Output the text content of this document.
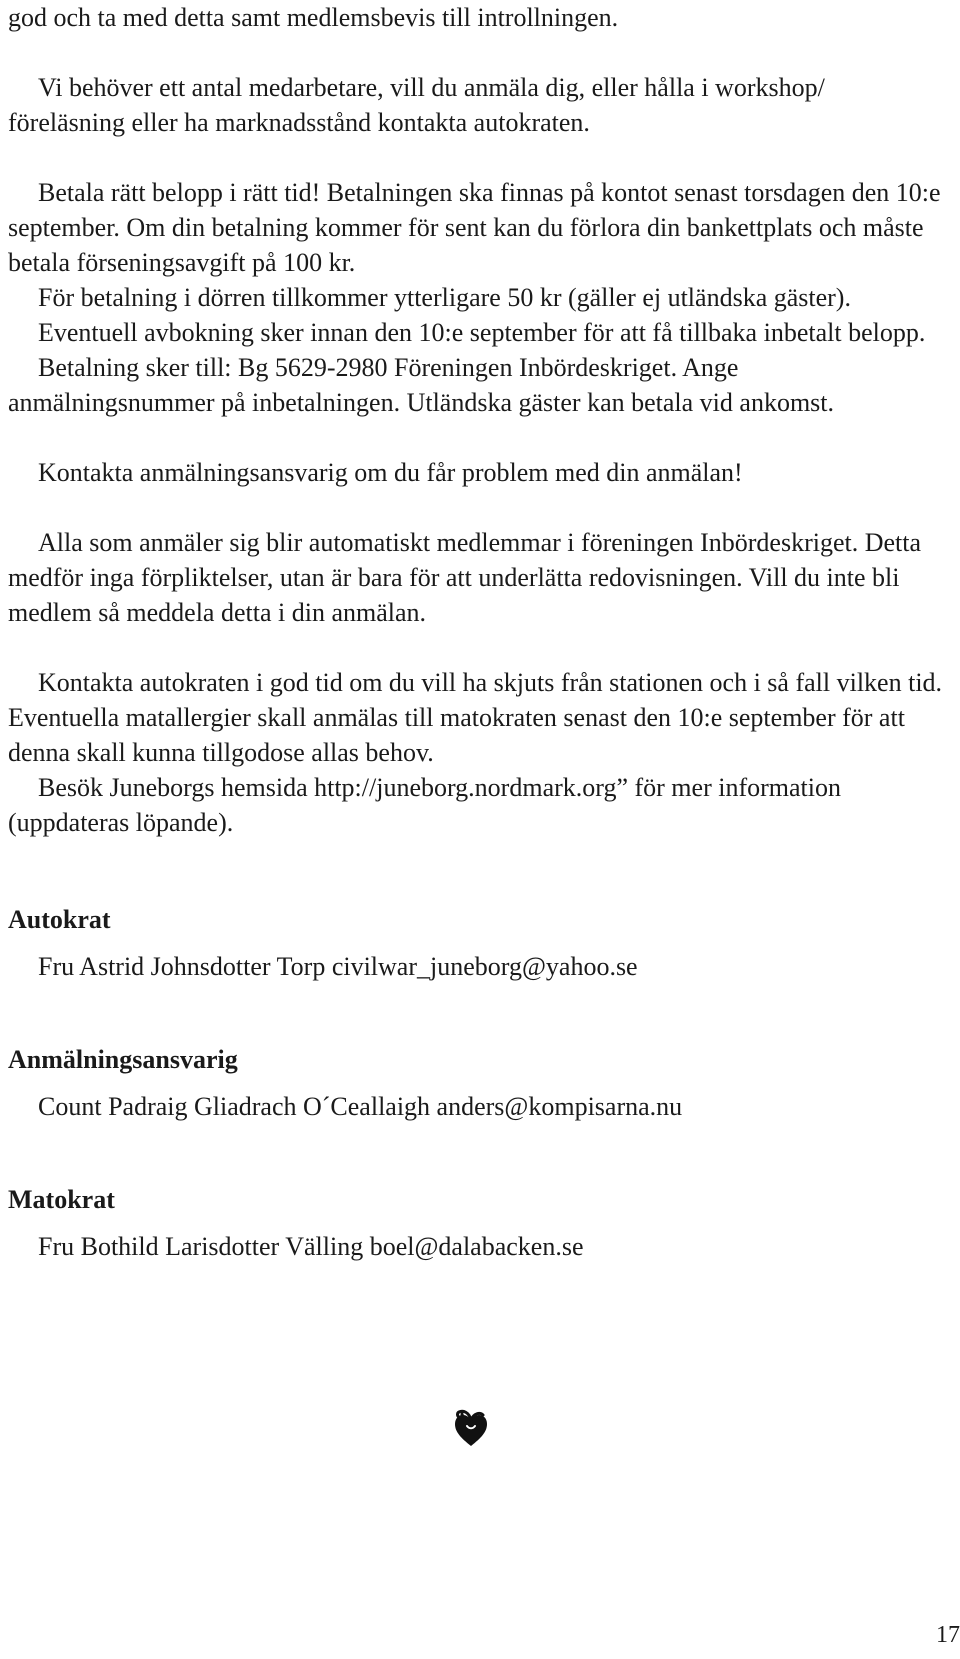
god och ta med detta samt medlemsbevis till introllningen.

Vi behöver ett antal medarbetare, vill du anmäla dig, eller hålla i workshop/ föreläsning eller ha marknadsstånd kontakta autokraten.

Betala rätt belopp i rätt tid! Betalningen ska finnas på kontot senast torsdagen den 10:e september. Om din betalning kommer för sent kan du förlora din bankettplats och måste betala förseningsavgift på 100 kr.

För betalning i dörren tillkommer ytterligare 50 kr (gäller ej utländska gäster).

Eventuell avbokning sker innan den 10:e september för att få tillbaka inbetalt belopp.

Betalning sker till: Bg 5629-2980 Föreningen Inbördeskriget. Ange anmälningsnummer på inbetalningen. Utländska gäster kan betala vid ankomst.

Kontakta anmälningsansvarig om du får problem med din anmälan!

Alla som anmäler sig blir automatiskt medlemmar i föreningen Inbördeskriget. Detta medför inga förpliktelser, utan är bara för att underlätta redovisningen. Vill du inte bli medlem så meddela detta i din anmälan.

Kontakta autokraten i god tid om du vill ha skjuts från stationen och i så fall vilken tid. Eventuella matallergier skall anmälas till matokraten senast den 10:e september för att denna skall kunna tillgodose allas behov.

Besök Juneborgs hemsida http://juneborg.nordmark.org” för mer information (uppdateras löpande).

Autokrat

Fru Astrid Johnsdotter Torp civilwar_juneborg@yahoo.se

Anmälningsansvarig

Count Padraig Gliadrach O´Ceallaigh anders@kompisarna.nu

Matokrat

Fru Bothild Larisdotter Välling boel@dalabacken.se

17
